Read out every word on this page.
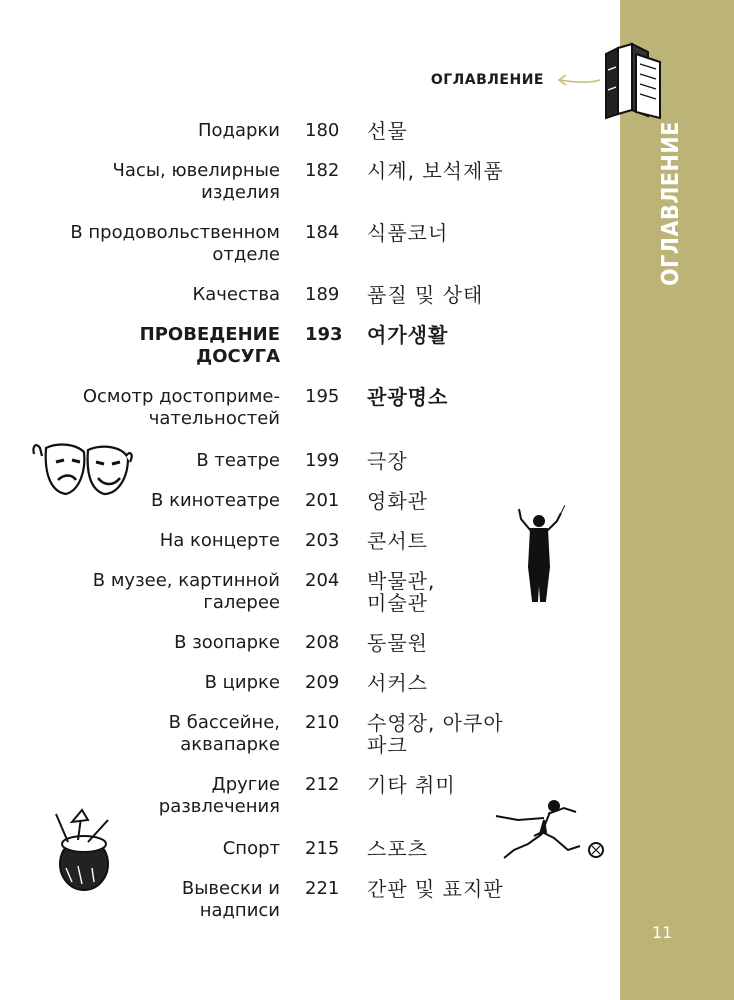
ОГЛАВЛЕНИЕ
11
ОГЛАВЛЕНИЕ
Подарки 180 선물
Часы, ювелирные изделия
182 시계, 보석제품
В продовольственном отделе
184 식품코너
Качества 189 품질 및 상태
ПРОВЕДЕНИЕ ДОСУГА
193 여가생활
Осмотр достоприме-чательностей
195 관광명소
В театре 199 극장
В кинотеатре 201 영화관
На концерте 203 콘서트
В музее, картинной галерее
204 박물관, 미술관
В зоопарке 208 동물원
В цирке 209 서커스
В бассейне, аквапарке
210 수영장, 아쿠아파크
Другие развлечения
212 기타 취미
Спорт 215 스포츠
Вывески и надписи
221 간판 및 표지판
